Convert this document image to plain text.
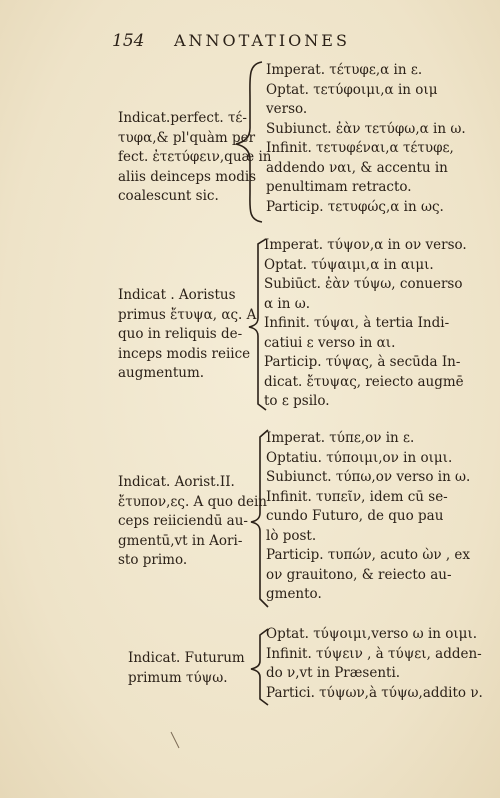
154 ANNOTATIONES
Indicat.perfect. τέ-
τυφα,& pl'quàm per
fect. ἐτετύφειν,quæ in
aliis deinceps modis
coalescunt sic.
Imperat. τέτυφε,α in ε.
Optat. τετύφοιμι,α in οιμ
verso.
Subiunct. ἐὰν τετύφω,α in ω.
Infinit. τετυφέναι,α τέτυφε,
addendo ναι, & accentu in
penultimam retracto.
Particip. τετυφώς,α in ως.
Indicat . Aoristus
primus ἔτυψα, ας. A
quo in reliquis de-
inceps modis reiice
augmentum.
Imperat. τύψον,α in ον verso.
Optat. τύψαιμι,α in αιμι.
Subiūct. ἐὰν τύψω, conuerso
α in ω.
Infinit. τύψαι, à tertia Indi-
catiui ε verso in αι.
Particip. τύψας, à secūda In-
dicat. ἔτυψας, reiecto augmē
to ε psilo.
Indicat. Aorist.II.
ἔτυπον,ες. A quo dein
ceps reiiciendū au-
gmentū,vt in Aori-
sto primo.
Imperat. τύπε,ον in ε.
Optatiu. τύποιμι,ον in οιμι.
Subiunct. τύπω,ον verso in ω.
Infinit. τυπεῖν, idem cū se-
cundo Futuro, de quo pau
lò post.
Particip. τυπών, acuto ὼν , ex
ον grauitono, & reiecto au-
gmento.
Indicat. Futurum
primum τύψω.
Optat. τύψοιμι,verso ω in οιμι.
Infinit. τύψειν , à τύψει, adden-
do ν,vt in Præsenti.
Partici. τύψων,à τύψω,addito ν.
